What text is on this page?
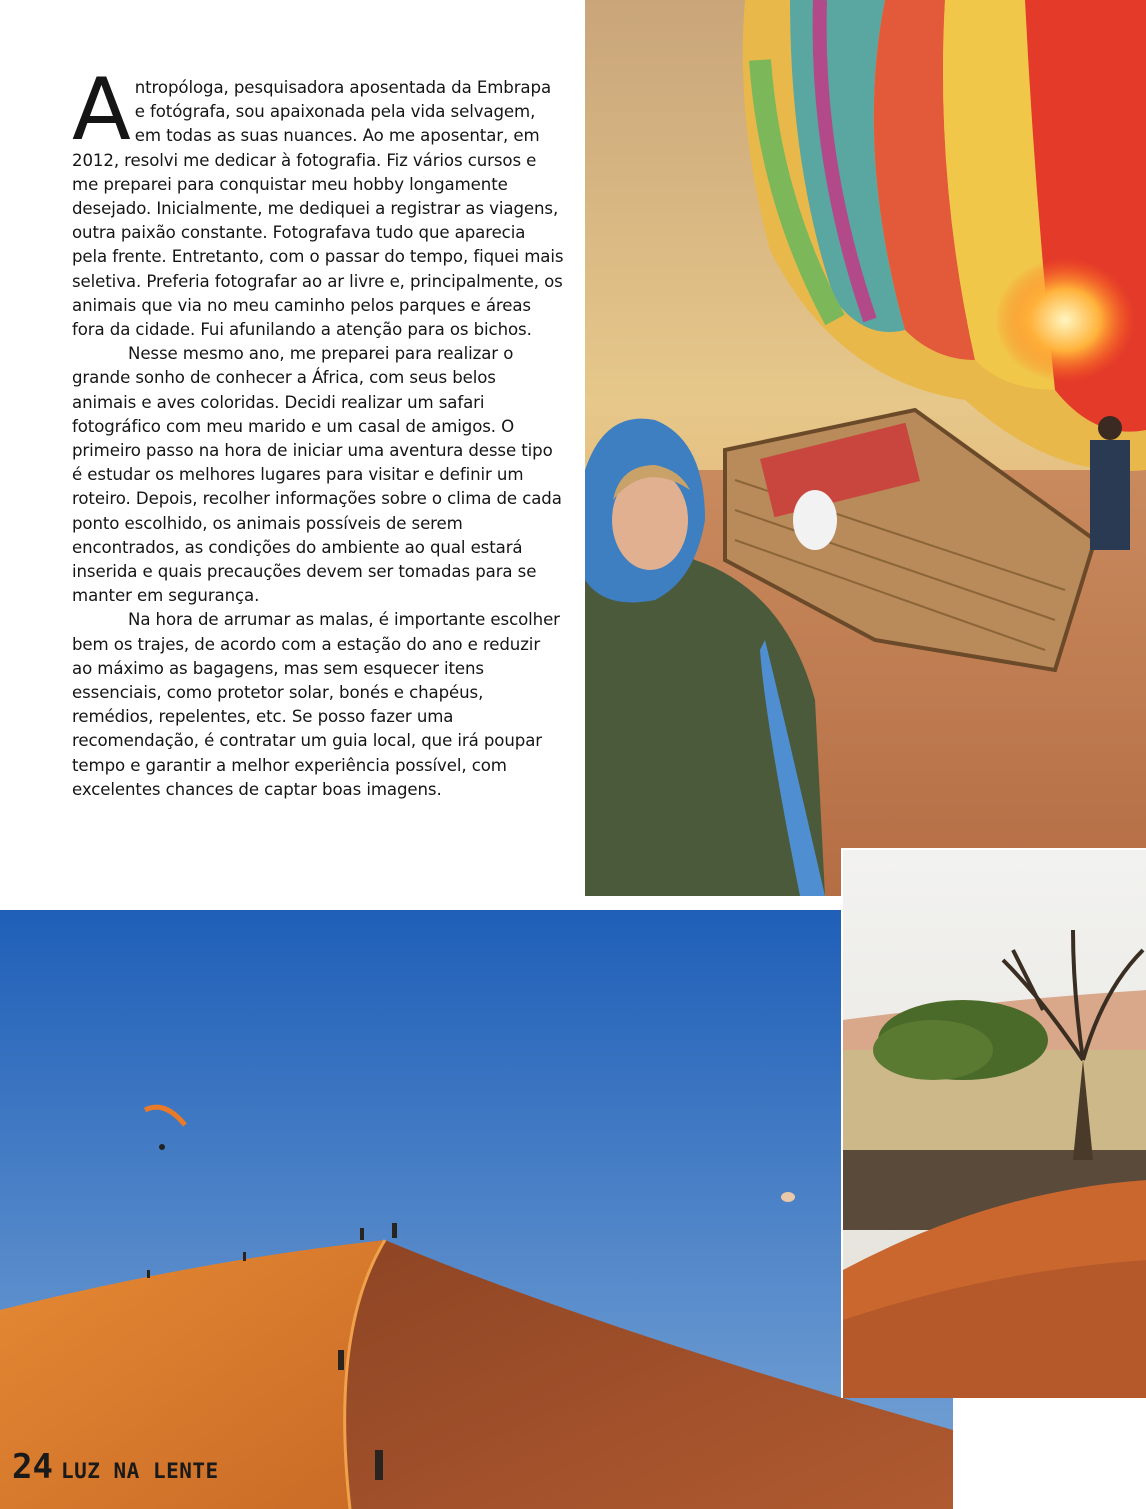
Antropóloga, pesquisadora aposentada da Embrapa e fotógrafa, sou apaixonada pela vida selvagem, em todas as suas nuances. Ao me aposentar, em 2012, resolvi me dedicar à fotografia. Fiz vários cursos e me preparei para conquistar meu hobby longamente desejado. Inicialmente, me dediquei a registrar as viagens, outra paixão constante. Fotografava tudo que aparecia pela frente. Entretanto, com o passar do tempo, fiquei mais seletiva. Preferia fotografar ao ar livre e, principalmente, os animais que via no meu caminho pelos parques e áreas fora da cidade. Fui afunilando a atenção para os bichos.

Nesse mesmo ano, me preparei para realizar o grande sonho de conhecer a África, com seus belos animais e aves coloridas. Decidi realizar um safari fotográfico com meu marido e um casal de amigos. O primeiro passo na hora de iniciar uma aventura desse tipo é estudar os melhores lugares para visitar e definir um roteiro. Depois, recolher informações sobre o clima de cada ponto escolhido, os animais possíveis de serem encontrados, as condições do ambiente ao qual estará inserida e quais precauções devem ser tomadas para se manter em segurança.

Na hora de arrumar as malas, é importante escolher bem os trajes, de acordo com a estação do ano e reduzir ao máximo as bagagens, mas sem esquecer itens essenciais, como protetor solar, bonés e chapéus, remédios, repelentes, etc. Se posso fazer uma recomendação, é contratar um guia local, que irá poupar tempo e garantir a melhor experiência possível, com excelentes chances de captar boas imagens.

24 LUZ NA LENTE
